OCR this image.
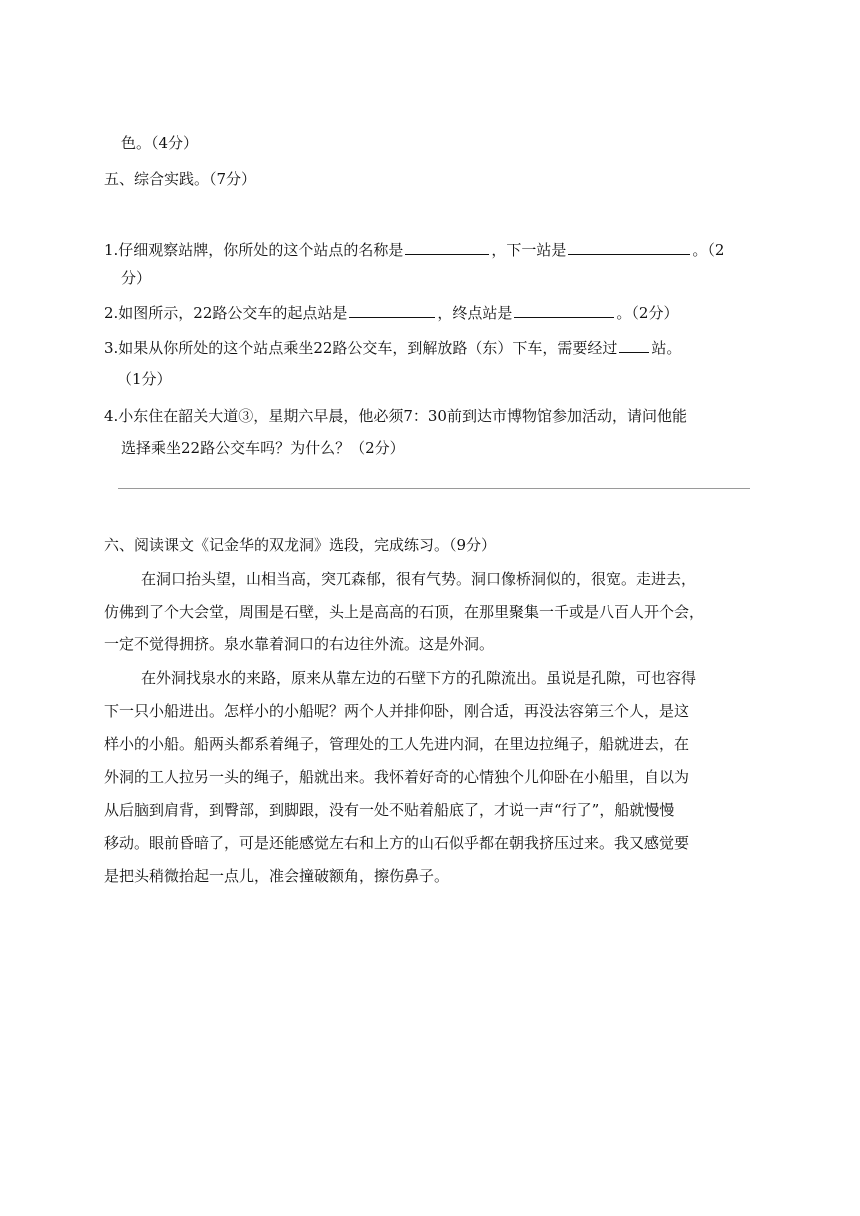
色。（4分）
五、综合实践。（7分）
1.仔细观察站牌，你所处的这个站点的名称是	，下一站是	。（2
分）
2.如图所示，22路公交车的起点站是	，终点站是	。（2分）
3.如果从你所处的这个站点乘坐22路公交车，到解放路（东）下车，需要经过 站。
（1分）
4.小东住在韶关大道③，星期六早晨，他必须7：30前到达市博物馆参加活动，请问他能
选择乘坐22路公交车吗？为什么？（2分）
六、阅读课文《记金华的双龙洞》选段，完成练习。（9分）
在洞口抬头望，山相当高，突兀森郁，很有气势。洞口像桥洞似的，很宽。走进去，
仿佛到了个大会堂，周围是石壁，头上是高高的石顶，在那里聚集一千或是八百人开个会，
一定不觉得拥挤。泉水靠着洞口的右边往外流。这是外洞。
在外洞找泉水的来路，原来从靠左边的石壁下方的孔隙流出。虽说是孔隙，可也容得
下一只小船进出。怎样小的小船呢？两个人并排仰卧，刚合适，再没法容第三个人，是这
样小的小船。船两头都系着绳子，管理处的工人先进内洞，在里边拉绳子，船就进去，在
外洞的工人拉另一头的绳子，船就出来。我怀着好奇的心情独个儿仰卧在小船里，自以为
从后脑到肩背，到臀部，到脚跟，没有一处不贴着船底了，才说一声“行了”，船就慢慢
移动。眼前昏暗了，可是还能感觉左右和上方的山石似乎都在朝我挤压过来。我又感觉要
是把头稍微抬起一点儿，准会撞破额角，擦伤鼻子。
